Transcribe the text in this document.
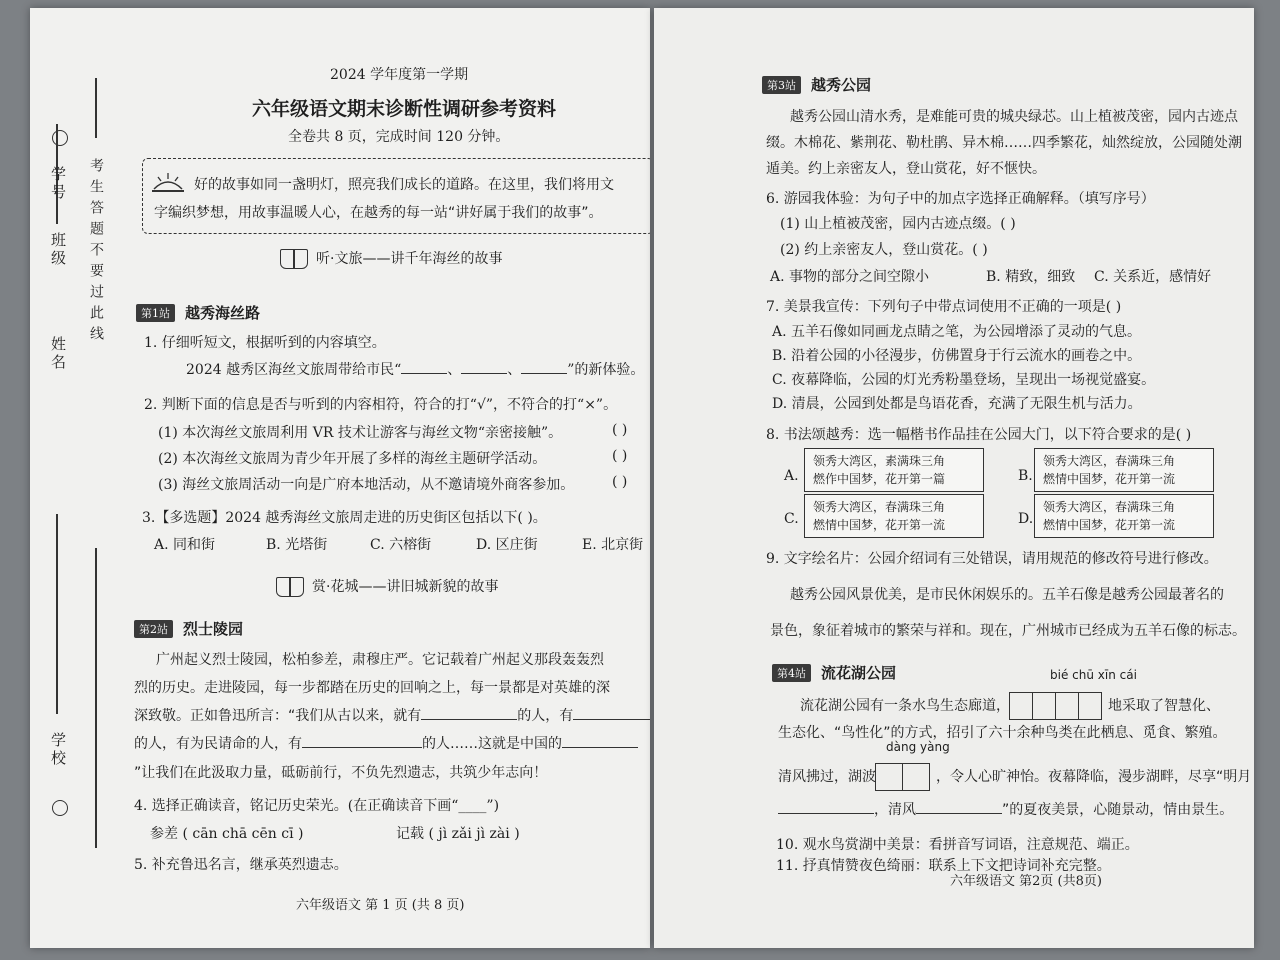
学校
班级 考生答题不要过此线
姓名
学号
2024 学年度第一学期
六年级语文期末诊断性调研参考资料
全卷共 8 页，完成时间 120 分钟。
好的故事如同一盏明灯，照亮我们成长的道路。在这里，我们将用文
字编织梦想，用故事温暖人心，在越秀的每一站“讲好属于我们的故事”。
听·文旅——讲千年海丝的故事
第1站 越秀海丝路
1. 仔细听短文，根据听到的内容填空。
2024 越秀区海丝文旅周带给市民“	、	、	”的新体验。
2. 判断下面的信息是否与听到的内容相符，符合的打“√”，不符合的打“×”。
(1) 本次海丝文旅周利用 VR 技术让游客与海丝文物“亲密接触”。	( )
(2) 本次海丝文旅周为青少年开展了多样的海丝主题研学活动。	( )
(3) 海丝文旅周活动一向是广府本地活动，从不邀请境外商客参加。	( )
3.【多选题】2024 越秀海丝文旅周走进的历史街区包括以下( )。
A. 同和街	B. 光塔街	C. 六榕街	D. 区庄街	E. 北京街
赏·花城——讲旧城新貌的故事
第2站 烈士陵园
广州起义烈士陵园，松柏参差，肃穆庄严。它记载着广州起义那段轰轰烈
烈的历史。走进陵园，每一步都踏在历史的回响之上，每一景都是对英雄的深
深致敬。正如鲁迅所言：“我们从古以来，就有	的人，有
的人，有为民请命的人，有	的人……这就是中国的
”让我们在此汲取力量，砥砺前行，不负先烈遗志，共筑少年志向！
4. 选择正确读音，铭记历史荣光。(在正确读音下画“____”)
参差 ( cān chā cēn cī )	记载 ( jì zǎi jì zài )
5. 补充鲁迅名言，继承英烈遗志。
六年级语文 第 1 页 (共 8 页)
第3站 越秀公园
越秀公园山清水秀，是难能可贵的城央绿芯。山上植被茂密，园内古迹点
缀。木棉花、紫荆花、勒杜鹃、异木棉……四季繁花，灿然绽放，公园随处潮
遁美。约上亲密友人，登山赏花，好不惬快。
6. 游园我体验：为句子中的加点字选择正确解释。（填写序号）
(1) 山上植被茂密，园内古迹点缀。( )
(2) 约上亲密友人，登山赏花。( )
A. 事物的部分之间空隙小	B. 精致，细致 C. 关系近，感情好
7. 美景我宣传：下列句子中带点词使用不正确的一项是( )
A. 五羊石像如同画龙点睛之笔，为公园增添了灵动的气息。
B. 沿着公园的小径漫步，仿佛置身于行云流水的画卷之中。
C. 夜幕降临，公园的灯光秀粉墨登场，呈现出一场视觉盛宴。
D. 清晨，公园到处都是鸟语花香，充满了无限生机与活力。
8. 书法颂越秀：选一幅楷书作品挂在公园大门，以下符合要求的是( )
A.
领秀大湾区，素满珠三角
燃作中国梦，花开第一篇	B.
领秀大湾区，春满珠三角
燃情中国梦，花开第一流
C.
领秀大湾区，春满珠三角
燃情中国梦，花开第一流	D.
领秀大湾区，春满珠三角
燃情中国梦，花开第一流
9. 文字绘名片：公园介绍词有三处错误，请用规范的修改符号进行修改。
越秀公园风景优美，是市民休闲娱乐的。五羊石像是越秀公园最著名的
景色，象征着城市的繁荣与祥和。现在，广州城市已经成为五羊石像的标志。
第4站 流花湖公园	bié chū xīn cái
流花湖公园有一条水鸟生态廊道，	地采取了智慧化、
生态化、“鸟性化”的方式，招引了六十余种鸟类在此栖息、觅食、繁殖。
dàng yàng
清风拂过，湖波	，令人心旷神怡。夜幕降临，漫步湖畔，尽享“明月
，清风	”的夏夜美景，心随景动，情由景生。
10. 观水鸟赏湖中美景：看拼音写词语，注意规范、端正。
11. 抒真情赞夜色绮丽：联系上下文把诗词补充完整。
六年级语文 第2页 (共8页)
